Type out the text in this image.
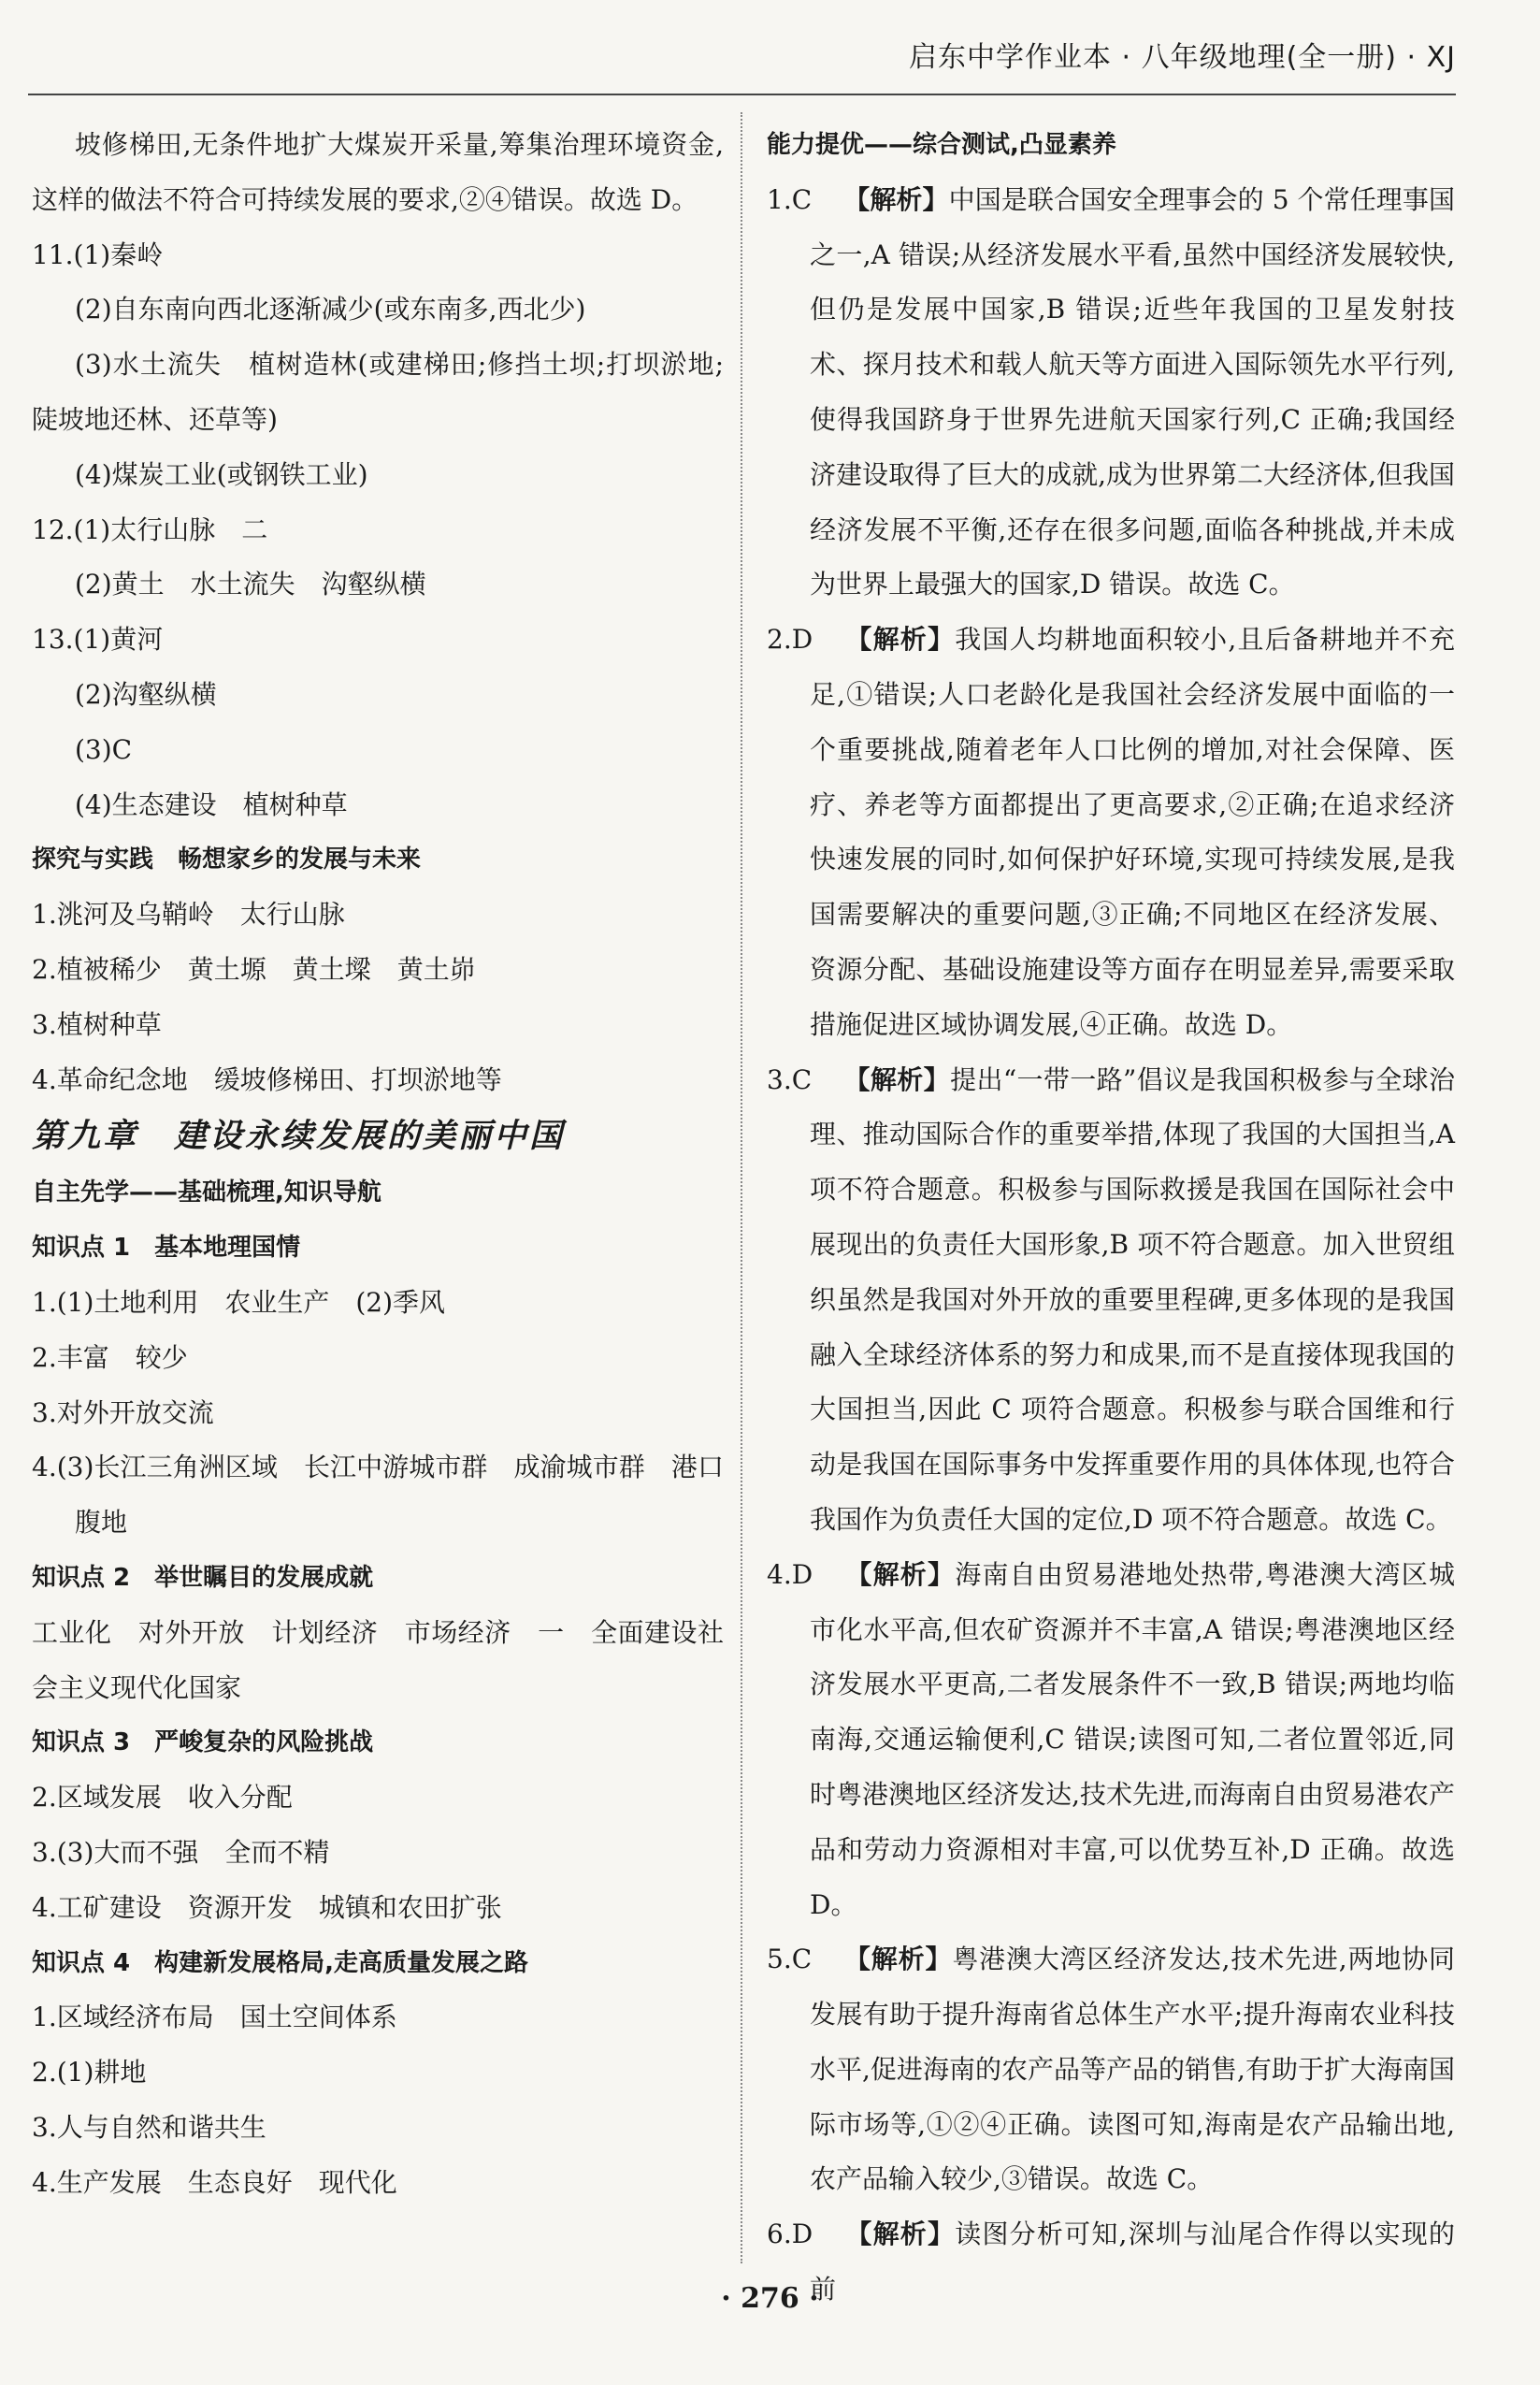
启东中学作业本 · 八年级地理(全一册) · XJ

坡修梯田,无条件地扩大煤炭开采量,筹集治理环境资金,这样的做法不符合可持续发展的要求,②④错误。故选 D。

11.(1)秦岭

(2)自东南向西北逐渐减少(或东南多,西北少)

(3)水土流失　植树造林(或建梯田;修挡土坝;打坝淤地;陡坡地还林、还草等)

(4)煤炭工业(或钢铁工业)

12.(1)太行山脉　二

(2)黄土　水土流失　沟壑纵横

13.(1)黄河

(2)沟壑纵横

(3)C

(4)生态建设　植树种草

探究与实践　畅想家乡的发展与未来

1.洮河及乌鞘岭　太行山脉

2.植被稀少　黄土塬　黄土墚　黄土峁

3.植树种草

4.革命纪念地　缓坡修梯田、打坝淤地等

第九章　建设永续发展的美丽中国

自主先学——基础梳理,知识导航

知识点 1　基本地理国情

1.(1)土地利用　农业生产　(2)季风

2.丰富　较少

3.对外开放交流

4.(3)长江三角洲区域　长江中游城市群　成渝城市群　港口腹地

知识点 2　举世瞩目的发展成就

工业化　对外开放　计划经济　市场经济　一　全面建设社会主义现代化国家

知识点 3　严峻复杂的风险挑战

2.区域发展　收入分配

3.(3)大而不强　全而不精

4.工矿建设　资源开发　城镇和农田扩张

知识点 4　构建新发展格局,走高质量发展之路

1.区域经济布局　国土空间体系

2.(1)耕地

3.人与自然和谐共生

4.生产发展　生态良好　现代化

能力提优——综合测试,凸显素养

1.C 【解析】中国是联合国安全理事会的 5 个常任理事国之一,A 错误;从经济发展水平看,虽然中国经济发展较快,但仍是发展中国家,B 错误;近些年我国的卫星发射技术、探月技术和载人航天等方面进入国际领先水平行列,使得我国跻身于世界先进航天国家行列,C 正确;我国经济建设取得了巨大的成就,成为世界第二大经济体,但我国经济发展不平衡,还存在很多问题,面临各种挑战,并未成为世界上最强大的国家,D 错误。故选 C。

2.D 【解析】我国人均耕地面积较小,且后备耕地并不充足,①错误;人口老龄化是我国社会经济发展中面临的一个重要挑战,随着老年人口比例的增加,对社会保障、医疗、养老等方面都提出了更高要求,②正确;在追求经济快速发展的同时,如何保护好环境,实现可持续发展,是我国需要解决的重要问题,③正确;不同地区在经济发展、资源分配、基础设施建设等方面存在明显差异,需要采取措施促进区域协调发展,④正确。故选 D。

3.C 【解析】提出“一带一路”倡议是我国积极参与全球治理、推动国际合作的重要举措,体现了我国的大国担当,A 项不符合题意。积极参与国际救援是我国在国际社会中展现出的负责任大国形象,B 项不符合题意。加入世贸组织虽然是我国对外开放的重要里程碑,更多体现的是我国融入全球经济体系的努力和成果,而不是直接体现我国的大国担当,因此 C 项符合题意。积极参与联合国维和行动是我国在国际事务中发挥重要作用的具体体现,也符合我国作为负责任大国的定位,D 项不符合题意。故选 C。

4.D 【解析】海南自由贸易港地处热带,粤港澳大湾区城市化水平高,但农矿资源并不丰富,A 错误;粤港澳地区经济发展水平更高,二者发展条件不一致,B 错误;两地均临南海,交通运输便利,C 错误;读图可知,二者位置邻近,同时粤港澳地区经济发达,技术先进,而海南自由贸易港农产品和劳动力资源相对丰富,可以优势互补,D 正确。故选 D。

5.C 【解析】粤港澳大湾区经济发达,技术先进,两地协同发展有助于提升海南省总体生产水平;提升海南农业科技水平,促进海南的农产品等产品的销售,有助于扩大海南国际市场等,①②④正确。读图可知,海南是农产品输出地,农产品输入较少,③错误。故选 C。

6.D 【解析】读图分析可知,深圳与汕尾合作得以实现的前

· 276 ·
